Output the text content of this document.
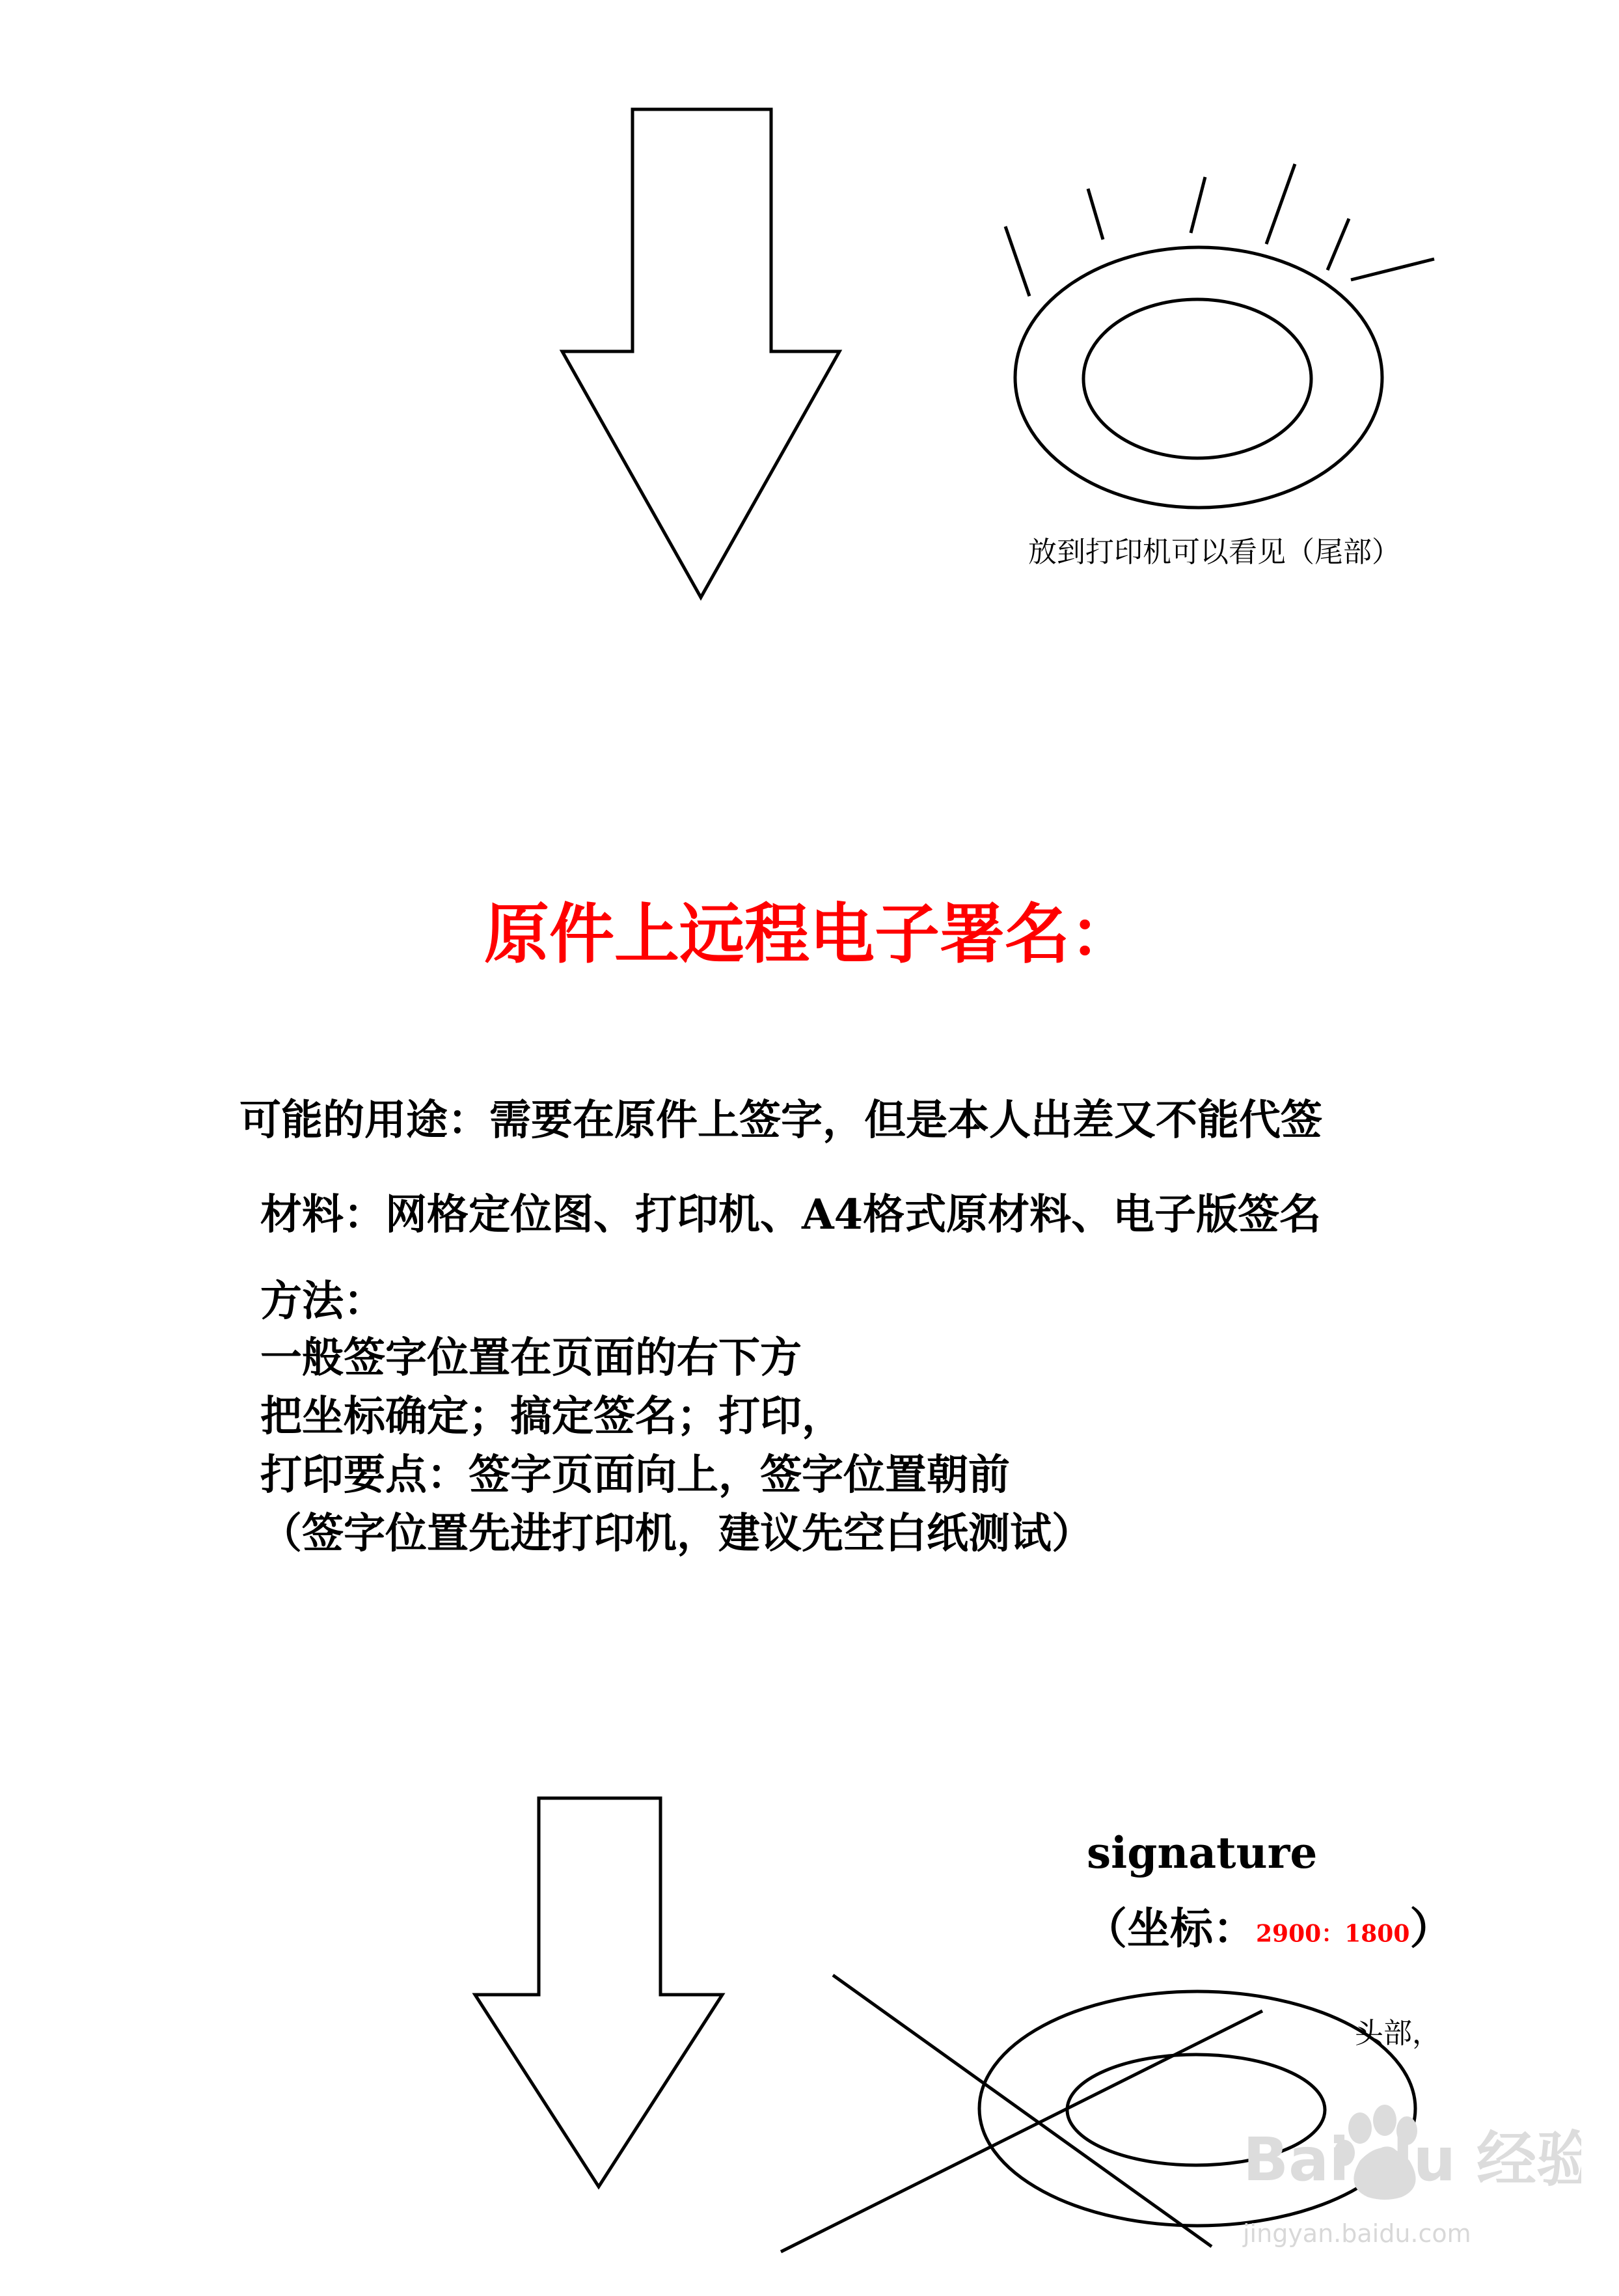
放到打印机可以看见（尾部）
原件上远程电子署名：
可能的用途：需要在原件上签字，但是本人出差又不能代签
材料：网格定位图、打印机、A4格式原材料、电子版签名
方法：
一般签字位置在页面的右下方
把坐标确定；搞定签名；打印，
打印要点：签字页面向上，签字位置朝前
（签字位置先进打印机，建议先空白纸测试）
signature
（坐标：2900：1800）
头部，
Bai du 经验
jingyan.baidu.com
